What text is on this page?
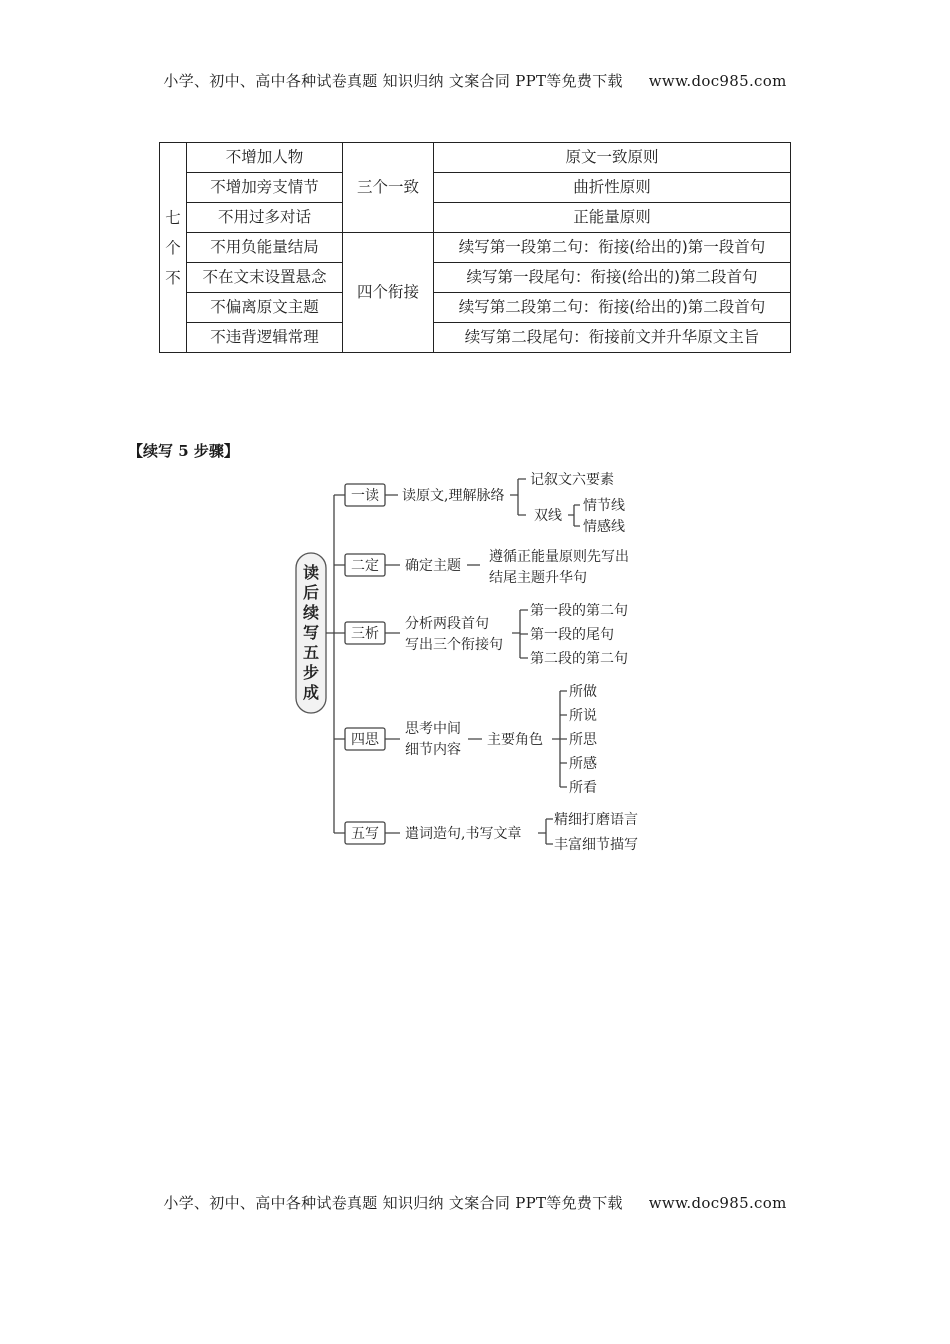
小学、初中、高中各种试卷真题 知识归纳 文案合同 PPT等免费下载 www.doc985.com
七
个
不	不增加人物	三个一致	原文一致原则
	不增加旁支情节		曲折性原则
	不用过多对话		正能量原则
	不用负能量结局	四个衔接	续写第一段第二句：衔接(给出的)第一段首句
	不在文末设置悬念		续写第一段尾句：衔接(给出的)第二段首句
	不偏离原文主题		续写第二段第二句：衔接(给出的)第二段首句
	不违背逻辑常理		续写第二段尾句：衔接前文并升华原文主旨
【续写 5 步骤】
读
后
续
写
五
步
成
一读
二定
三析
四思
五写
读原文,理解脉络
记叙文六要素
双线
情节线
情感线
确定主题
遵循正能量原则先写出
结尾主题升华句
分析两段首句
写出三个衔接句
第一段的第二句
第一段的尾句
第二段的第二句
思考中间
细节内容
主要角色
所做
所说
所思
所感
所看
遣词造句,书写文章
精细打磨语言
丰富细节描写
小学、初中、高中各种试卷真题 知识归纳 文案合同 PPT等免费下载 www.doc985.com
